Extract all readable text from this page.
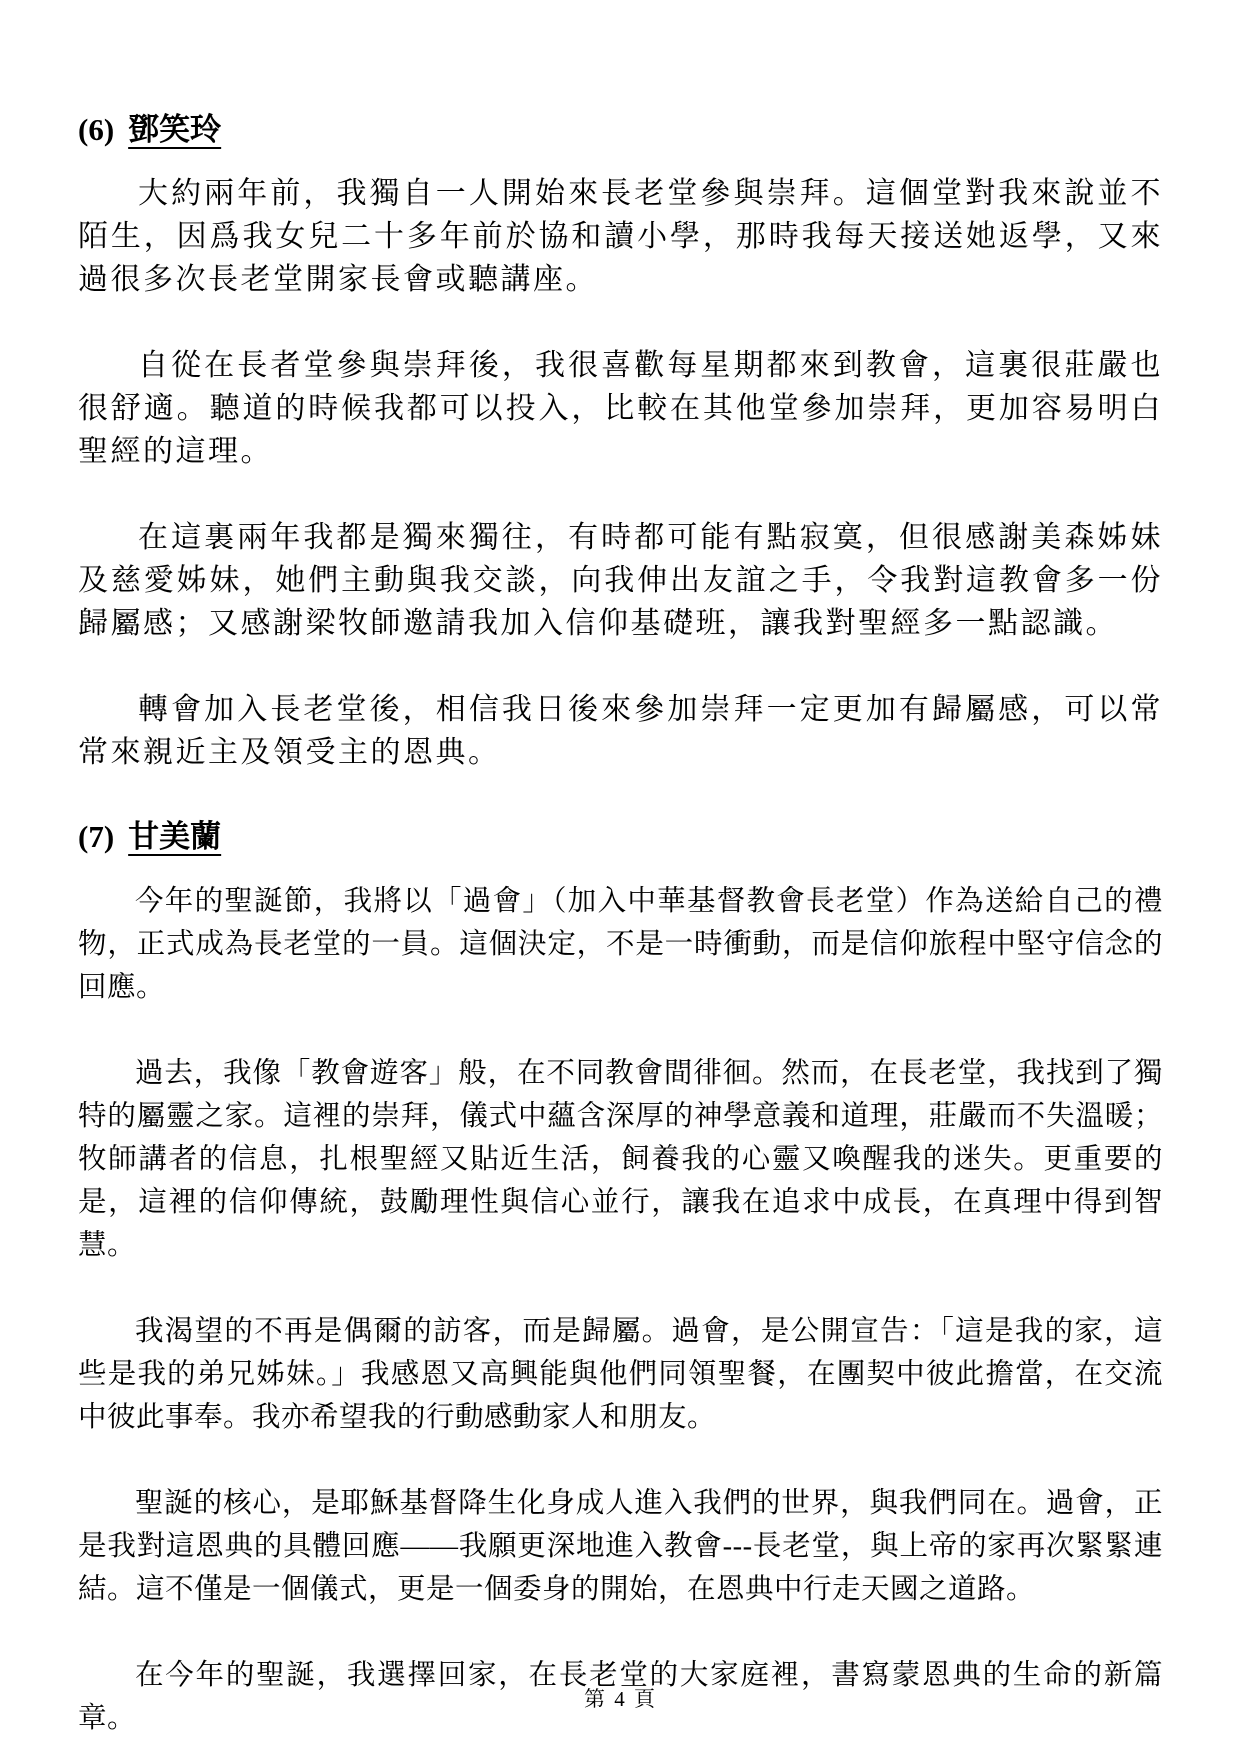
(6) 鄧笑玲

大約兩年前，我獨自一人開始來長老堂參與崇拜。這個堂對我來說並不陌生，因爲我女兒二十多年前於協和讀小學，那時我每天接送她返學，又來過很多次長老堂開家長會或聽講座。

自從在長者堂參與崇拜後，我很喜歡每星期都來到教會，這裏很莊嚴也很舒適。聽道的時候我都可以投入，比較在其他堂參加崇拜，更加容易明白聖經的這理。

在這裏兩年我都是獨來獨往，有時都可能有點寂寞，但很感謝美森姊妹及慈愛姊妹，她們主動與我交談，向我伸出友誼之手，令我對這教會多一份歸屬感；又感謝梁牧師邀請我加入信仰基礎班，讓我對聖經多一點認識。

轉會加入長老堂後，相信我日後來參加崇拜一定更加有歸屬感，可以常常來親近主及領受主的恩典。

(7) 甘美蘭

今年的聖誕節，我將以「過會」（加入中華基督教會長老堂）作為送給自己的禮物，正式成為長老堂的一員。這個決定，不是一時衝動，而是信仰旅程中堅守信念的回應。

過去，我像「教會遊客」般，在不同教會間徘徊。然而，在長老堂，我找到了獨特的屬靈之家。這裡的崇拜，儀式中蘊含深厚的神學意義和道理，莊嚴而不失溫暖；牧師講者的信息，扎根聖經又貼近生活，飼養我的心靈又喚醒我的迷失。更重要的是，這裡的信仰傳統，鼓勵理性與信心並行，讓我在追求中成長，在真理中得到智慧。

我渴望的不再是偶爾的訪客，而是歸屬。過會，是公開宣告：「這是我的家，這些是我的弟兄姊妹。」我感恩又高興能與他們同領聖餐，在團契中彼此擔當，在交流中彼此事奉。我亦希望我的行動感動家人和朋友。

聖誕的核心，是耶穌基督降生化身成人進入我們的世界，與我們同在。過會，正是我對這恩典的具體回應——我願更深地進入教會---長老堂，與上帝的家再次緊緊連結。這不僅是一個儀式，更是一個委身的開始，在恩典中行走天國之道路。

在今年的聖誕，我選擇回家，在長老堂的大家庭裡，書寫蒙恩典的生命的新篇章。

第 4 頁
